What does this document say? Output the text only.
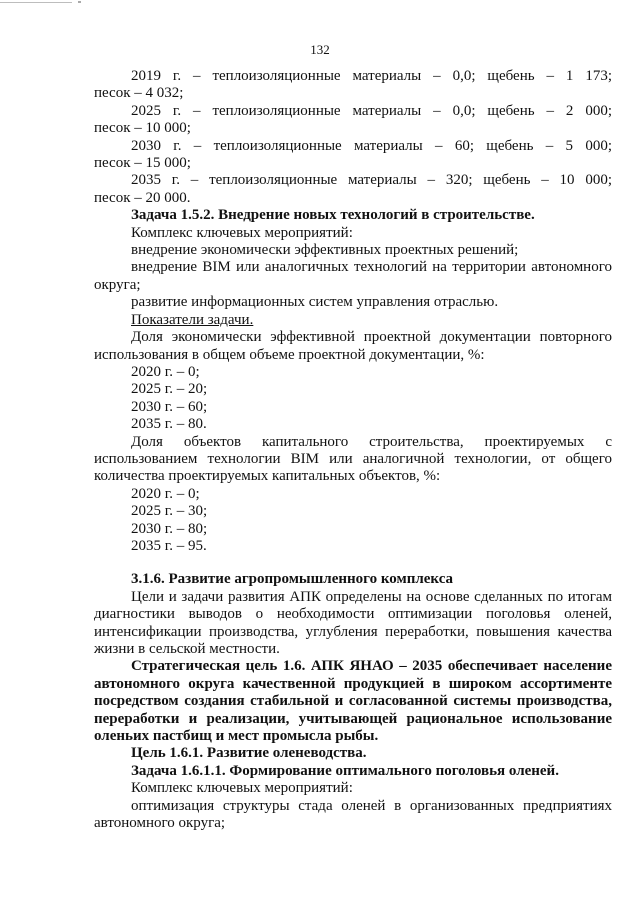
132

2019 г. – теплоизоляционные материалы – 0,0; щебень – 1 173;

песок – 4 032;

2025 г. – теплоизоляционные материалы – 0,0; щебень – 2 000;

песок – 10 000;

2030 г. – теплоизоляционные материалы – 60; щебень – 5 000;

песок – 15 000;

2035 г. – теплоизоляционные материалы – 320; щебень – 10 000;

песок – 20 000.

Задача 1.5.2. Внедрение новых технологий в строительстве.

Комплекс ключевых мероприятий:

внедрение экономически эффективных проектных решений;

внедрение BIM или аналогичных технологий на территории автономного

округа;

развитие информационных систем управления отраслью.

Показатели задачи.

Доля экономически эффективной проектной документации повторного

использования в общем объеме проектной документации, %:

2020 г. – 0;

2025 г. – 20;

2030 г. – 60;

2035 г. – 80.

Доля объектов капитального строительства, проектируемых с

использованием технологии BIM или аналогичной технологии, от общего

количества проектируемых капитальных объектов, %:

2020 г. – 0;

2025 г. – 30;

2030 г. – 80;

2035 г. – 95.

3.1.6. Развитие агропромышленного комплекса

Цели и задачи развития АПК определены на основе сделанных по итогам

диагностики выводов о необходимости оптимизации поголовья оленей,

интенсификации производства, углубления переработки, повышения качества

жизни в сельской местности.

Стратегическая цель 1.6. АПК ЯНАО – 2035 обеспечивает население

автономного округа качественной продукцией в широком ассортименте

посредством создания стабильной и согласованной системы производства,

переработки и реализации, учитывающей рациональное использование

оленьих пастбищ и мест промысла рыбы.

Цель 1.6.1. Развитие оленеводства.

Задача 1.6.1.1. Формирование оптимального поголовья оленей.

Комплекс ключевых мероприятий:

оптимизация структуры стада оленей в организованных предприятиях

автономного округа;
